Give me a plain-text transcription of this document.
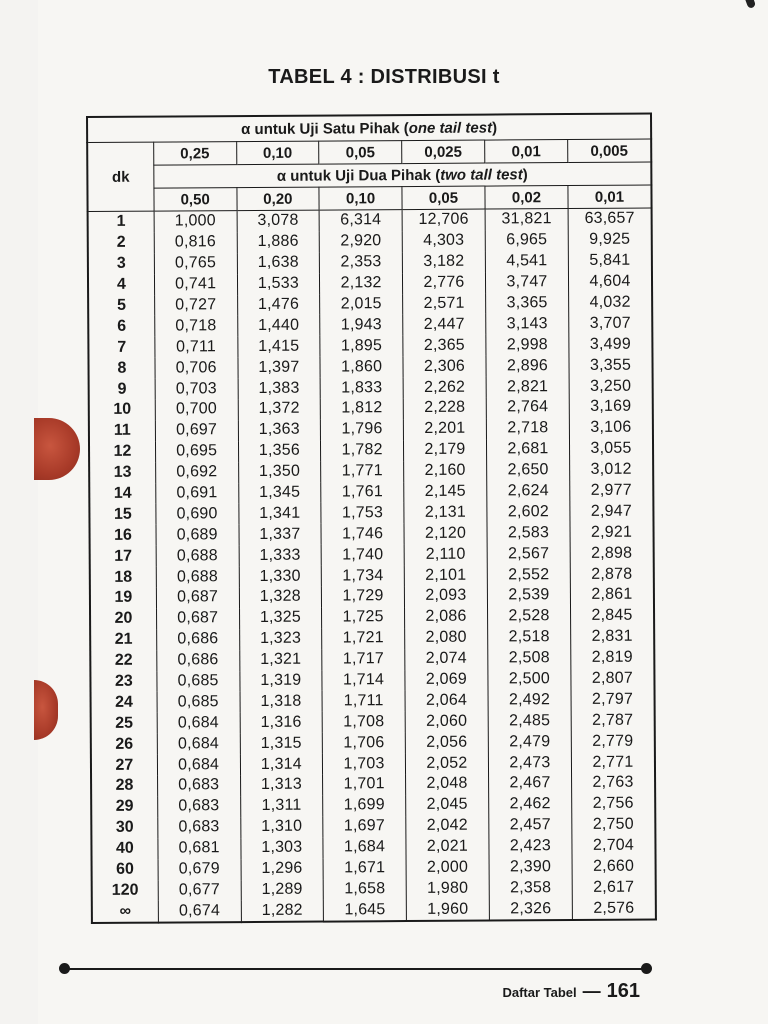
TABEL 4 : DISTRIBUSI t
α untuk Uji Satu Pihak (one tail test)						
dk	0,25	0,10	0,05	0,025	0,01	0,005
	α untuk Uji Dua Pihak (two tall test)					
	0,50	0,20	0,10	0,05	0,02	0,01
1	1,000	3,078	6,314	12,706	31,821	63,657
2	0,816	1,886	2,920	4,303	6,965	9,925
3	0,765	1,638	2,353	3,182	4,541	5,841
4	0,741	1,533	2,132	2,776	3,747	4,604
5	0,727	1,476	2,015	2,571	3,365	4,032
6	0,718	1,440	1,943	2,447	3,143	3,707
7	0,711	1,415	1,895	2,365	2,998	3,499
8	0,706	1,397	1,860	2,306	2,896	3,355
9	0,703	1,383	1,833	2,262	2,821	3,250
10	0,700	1,372	1,812	2,228	2,764	3,169
11	0,697	1,363	1,796	2,201	2,718	3,106
12	0,695	1,356	1,782	2,179	2,681	3,055
13	0,692	1,350	1,771	2,160	2,650	3,012
14	0,691	1,345	1,761	2,145	2,624	2,977
15	0,690	1,341	1,753	2,131	2,602	2,947
16	0,689	1,337	1,746	2,120	2,583	2,921
17	0,688	1,333	1,740	2,110	2,567	2,898
18	0,688	1,330	1,734	2,101	2,552	2,878
19	0,687	1,328	1,729	2,093	2,539	2,861
20	0,687	1,325	1,725	2,086	2,528	2,845
21	0,686	1,323	1,721	2,080	2,518	2,831
22	0,686	1,321	1,717	2,074	2,508	2,819
23	0,685	1,319	1,714	2,069	2,500	2,807
24	0,685	1,318	1,711	2,064	2,492	2,797
25	0,684	1,316	1,708	2,060	2,485	2,787
26	0,684	1,315	1,706	2,056	2,479	2,779
27	0,684	1,314	1,703	2,052	2,473	2,771
28	0,683	1,313	1,701	2,048	2,467	2,763
29	0,683	1,311	1,699	2,045	2,462	2,756
30	0,683	1,310	1,697	2,042	2,457	2,750
40	0,681	1,303	1,684	2,021	2,423	2,704
60	0,679	1,296	1,671	2,000	2,390	2,660
120	0,677	1,289	1,658	1,980	2,358	2,617
∞	0,674	1,282	1,645	1,960	2,326	2,576
Daftar Tabel — 161
